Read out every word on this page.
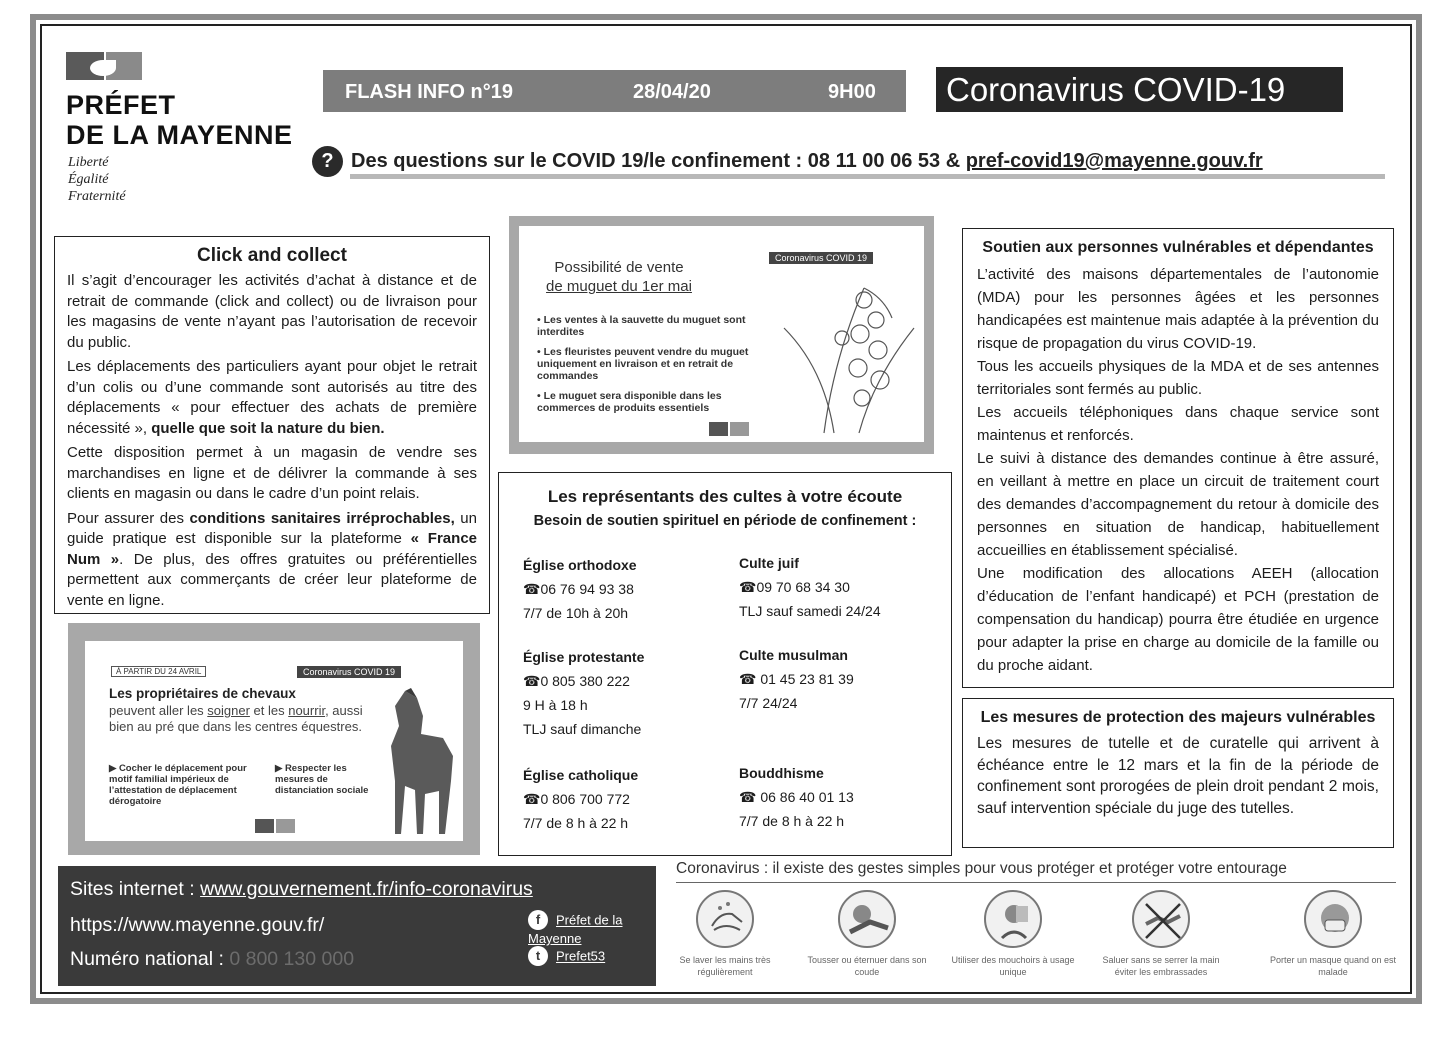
PRÉFET
DE LA MAYENNE
Liberté
Égalité
Fraternité
FLASH INFO n°19	28/04/20	9H00	Coronavirus COVID-19
? Des questions sur le COVID 19/le confinement : 08 11 00 06 53 & pref-covid19@mayenne.gouv.fr
Click and collect

Il s’agit d’encourager les activités d’achat à distance et de retrait de commande (click and collect) ou de livraison pour les magasins de vente n’ayant pas l’autorisation de recevoir du public.

Les déplacements des particuliers ayant pour objet le retrait d’un colis ou d’une commande sont autorisés au titre des déplacements « pour effectuer des achats de première nécessité », quelle que soit la nature du bien.

Cette disposition permet à un magasin de vendre ses marchandises en ligne et de délivrer la commande à ses clients en magasin ou dans le cadre d’un point relais.

Pour assurer des conditions sanitaires irréprochables, un guide pratique est disponible sur la plateforme « France Num ». De plus, des offres gratuites ou préférentielles permettent aux commerçants de créer leur plateforme de vente en ligne.

Possibilité de vente
de muguet du 1er mai
Coronavirus COVID 19
• Les ventes à la sauvette du muguet sont interdites
• Les fleuristes peuvent vendre du muguet uniquement en livraison et en retrait de commandes
• Le muguet sera disponible dans les commerces de produits essentiels
À PARTIR DU 24 AVRIL	Coronavirus COVID 19
Les propriétaires de chevaux
peuvent aller les soigner et les nourrir, aussi bien au pré que dans les centres équestres.
▶ Cocher le déplacement pour motif familial impérieux de l’attestation de déplacement dérogatoire
▶ Respecter les mesures de distanciation sociale
Les représentants des cultes à votre écoute
Besoin de soutien spirituel en période de confinement :
Église orthodoxe
☎06 76 94 93 38
7/7 de 10h à 20h
Culte juif
☎09 70 68 34 30
TLJ sauf samedi 24/24
Église protestante
☎0 805 380 222
9 H à 18 h
TLJ sauf dimanche
Culte musulman
☎ 01 45 23 81 39
7/7 24/24
Église catholique
☎0 806 700 772
7/7 de 8 h à 22 h
Bouddhisme
☎ 06 86 40 01 13
7/7 de 8 h à 22 h
Soutien aux personnes vulnérables et dépendantes

L’activité des maisons départementales de l’autonomie (MDA) pour les personnes âgées et les personnes handicapées est maintenue mais adaptée à la prévention du risque de propagation du virus COVID-19.

Tous les accueils physiques de la MDA et de ses antennes territoriales sont fermés au public.

Les accueils téléphoniques dans chaque service sont maintenus et renforcés.

Le suivi à distance des demandes continue à être assuré, en veillant à mettre en place un circuit de traitement court des demandes d’accompagnement du retour à domicile des personnes en situation de handicap, habituellement accueillies en établissement spécialisé.

Une modification des allocations AEEH (allocation d’éducation de l’enfant handicapé) et PCH (prestation de compensation du handicap) pourra être étudiée en urgence pour adapter la prise en charge au domicile de la famille ou du proche aidant.

Les mesures de protection des majeurs vulnérables

Les mesures de tutelle et de curatelle qui arrivent à échéance entre le 12 mars et la fin de la période de confinement sont prorogées de plein droit pendant 2 mois, sauf intervention spéciale du juge des tutelles.

Sites internet : www.gouvernement.fr/info-coronavirus
https://www.mayenne.gouv.fr/
Numéro national : 0 800 130 000
f Préfet de la Mayenne
t Prefet53
Coronavirus : il existe des gestes simples pour vous protéger et protéger votre entourage
Se laver les mains très régulièrement
Tousser ou éternuer dans son coude
Utiliser des mouchoirs à usage unique
Saluer sans se serrer la main éviter les embrassades
Porter un masque quand on est malade
